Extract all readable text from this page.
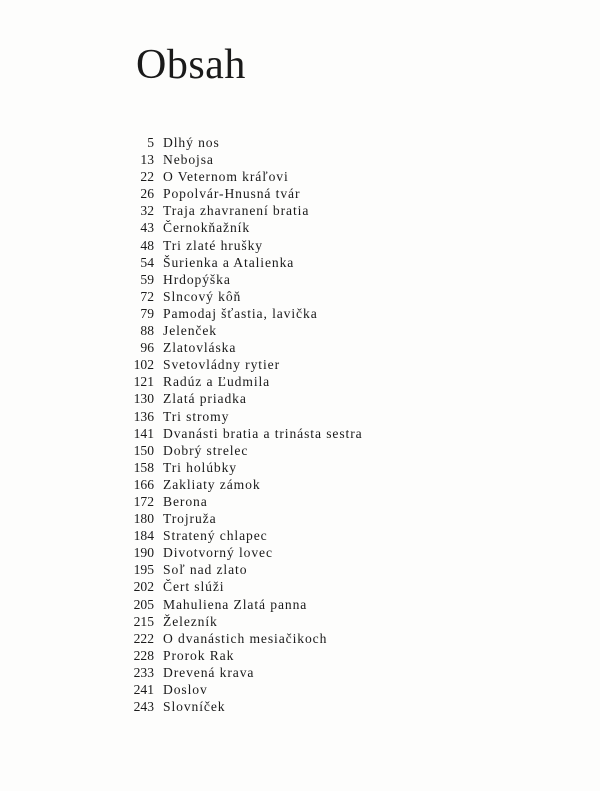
Obsah
5 Dlhý nos
13 Nebojsa
22 O Veternom kráľovi
26 Popolvár-Hnusná tvár
32 Traja zhavranení bratia
43 Černokňažník
48 Tri zlaté hrušky
54 Šurienka a Atalienka
59 Hrdopýška
72 Slncový kôň
79 Pamodaj šťastia, lavička
88 Jelenček
96 Zlatovláska
102 Svetovládny rytier
121 Radúz a Ľudmila
130 Zlatá priadka
136 Tri stromy
141 Dvanásti bratia a trinásta sestra
150 Dobrý strelec
158 Tri holúbky
166 Zakliaty zámok
172 Berona
180 Trojruža
184 Stratený chlapec
190 Divotvorný lovec
195 Soľ nad zlato
202 Čert slúži
205 Mahuliena Zlatá panna
215 Železník
222 O dvanástich mesiačikoch
228 Prorok Rak
233 Drevená krava
241 Doslov
243 Slovníček
